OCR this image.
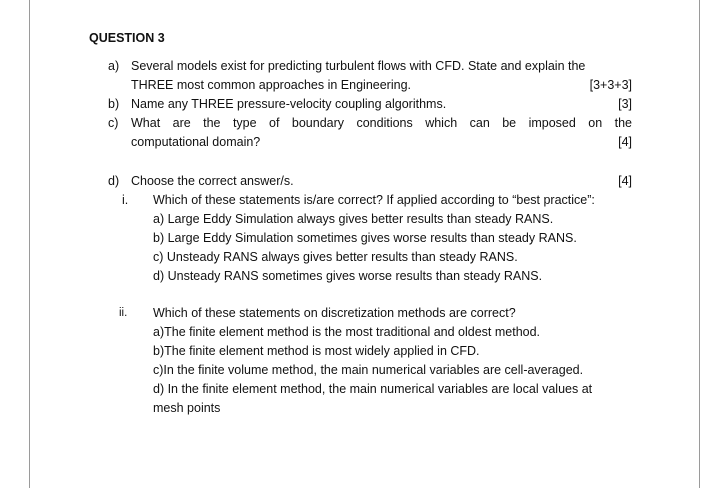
QUESTION 3
a) Several models exist for predicting turbulent flows with CFD. State and explain the
THREE most common approaches in Engineering.	[3+3+3]
b) Name any THREE pressure-velocity coupling algorithms.	[3]
c) What are the type of boundary conditions which can be imposed on the
computational domain?	[4]
d) Choose the correct answer/s.	[4]
i. Which of these statements is/are correct? If applied according to “best practice”:
a) Large Eddy Simulation always gives better results than steady RANS.
b) Large Eddy Simulation sometimes gives worse results than steady RANS.
c) Unsteady RANS always gives better results than steady RANS.
d) Unsteady RANS sometimes gives worse results than steady RANS.
ii. Which of these statements on discretization methods are correct?
a)The finite element method is the most traditional and oldest method.
b)The finite element method is most widely applied in CFD.
c)In the finite volume method, the main numerical variables are cell-averaged.
d) In the finite element method, the main numerical variables are local values at
mesh points
